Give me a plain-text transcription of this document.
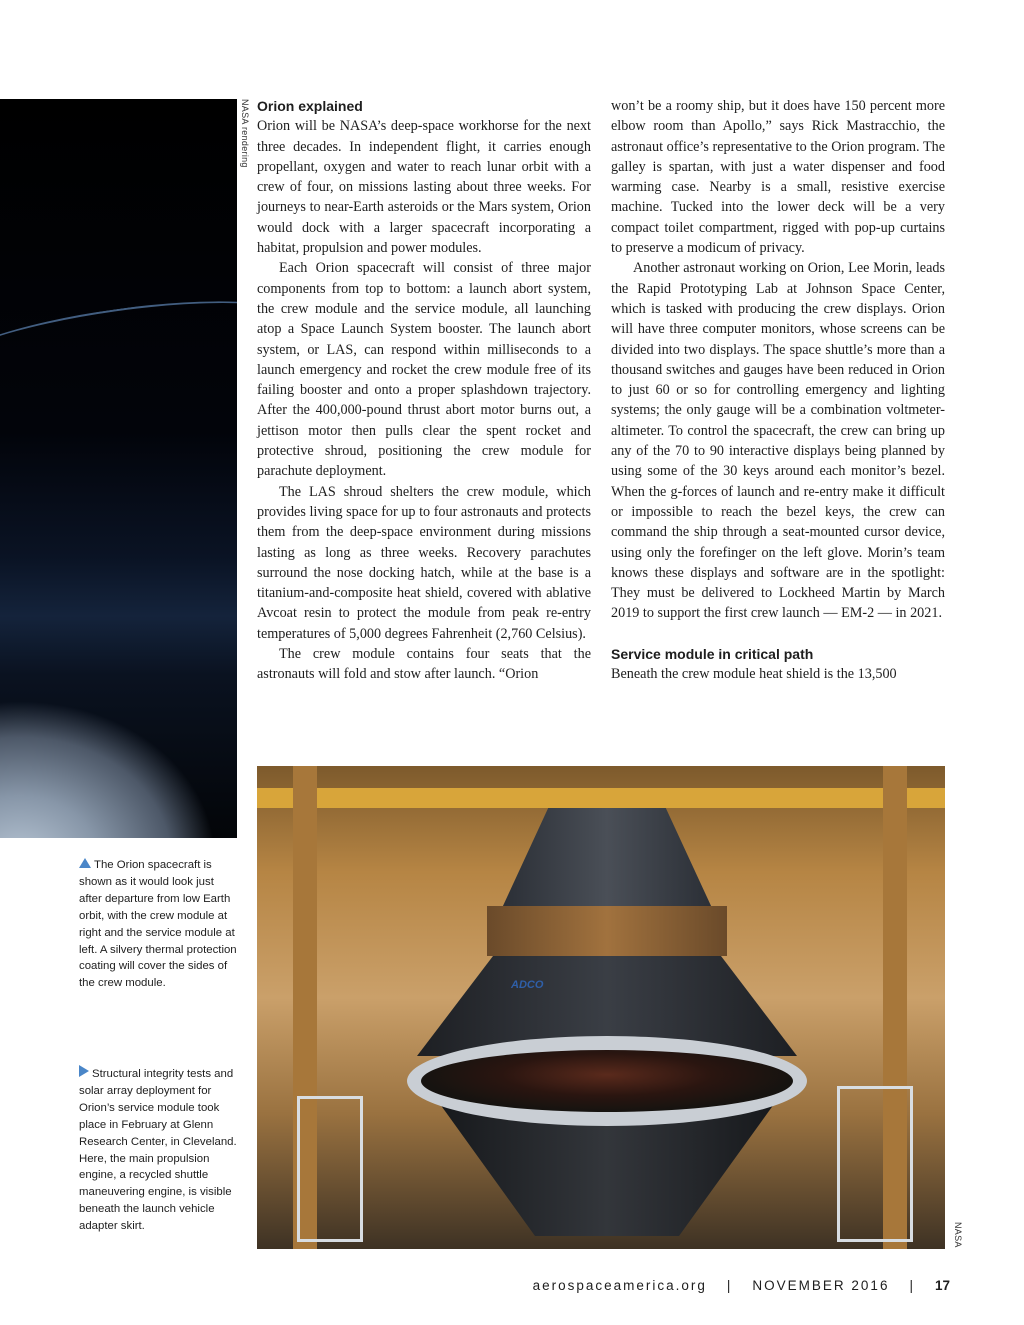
NASA rendering Orion explained

Orion will be NASA’s deep-space workhorse for the next three decades. In independent flight, it carries enough propellant, oxygen and water to reach lunar orbit with a crew of four, on missions lasting about three weeks. For journeys to near-Earth asteroids or the Mars system, Orion would dock with a larger spacecraft incorporating a habitat, propulsion and power modules.

Each Orion spacecraft will consist of three major components from top to bottom: a launch abort system, the crew module and the service module, all launching atop a Space Launch System booster. The launch abort system, or LAS, can respond within milliseconds to a launch emergency and rocket the crew module free of its failing booster and onto a proper splashdown trajectory. After the 400,000-pound thrust abort motor burns out, a jettison motor then pulls clear the spent rocket and protective shroud, positioning the crew module for parachute deployment.

The LAS shroud shelters the crew module, which provides living space for up to four astronauts and protects them from the deep-space environment during missions lasting as long as three weeks. Recovery parachutes surround the nose docking hatch, while at the base is a titanium-and-composite heat shield, covered with ablative Avcoat resin to protect the module from peak re-entry temperatures of 5,000 degrees Fahrenheit (2,760 Celsius).

The crew module contains four seats that the astronauts will fold and stow after launch. “Orion

won’t be a roomy ship, but it does have 150 percent more elbow room than Apollo,” says Rick Mastracchio, the astronaut office’s representative to the Orion program. The galley is spartan, with just a water dispenser and food warming case. Nearby is a small, resistive exercise machine. Tucked into the lower deck will be a very compact toilet compartment, rigged with pop-up curtains to preserve a modicum of privacy.

Another astronaut working on Orion, Lee Morin, leads the Rapid Prototyping Lab at Johnson Space Center, which is tasked with producing the crew displays. Orion will have three computer monitors, whose screens can be divided into two displays. The space shuttle’s more than a thousand switches and gauges have been reduced in Orion to just 60 or so for controlling emergency and lighting systems; the only gauge will be a combination voltmeter-altimeter. To control the spacecraft, the crew can bring up any of the 70 to 90 interactive displays being planned by using some of the 30 keys around each monitor’s bezel. When the g-forces of launch and re-entry make it difficult or impossible to reach the bezel keys, the crew can command the ship through a seat-mounted cursor device, using only the forefinger on the left glove. Morin’s team knows these displays and software are in the spotlight: They must be delivered to Lockheed Martin by March 2019 to support the first crew launch — EM-2 — in 2021.

Service module in critical path

Beneath the crew module heat shield is the 13,500

ADCO
NASA
The Orion spacecraft is shown as it would look just after departure from low Earth orbit, with the crew module at right and the service module at left. A silvery thermal protection coating will cover the sides of the crew module.
Structural integrity tests and solar array deployment for Orion’s service module took place in February at Glenn Research Center, in Cleveland. Here, the main propulsion engine, a recycled shuttle maneuvering engine, is visible beneath the launch vehicle adapter skirt.
aerospaceamerica.org | NOVEMBER 2016 | 17
